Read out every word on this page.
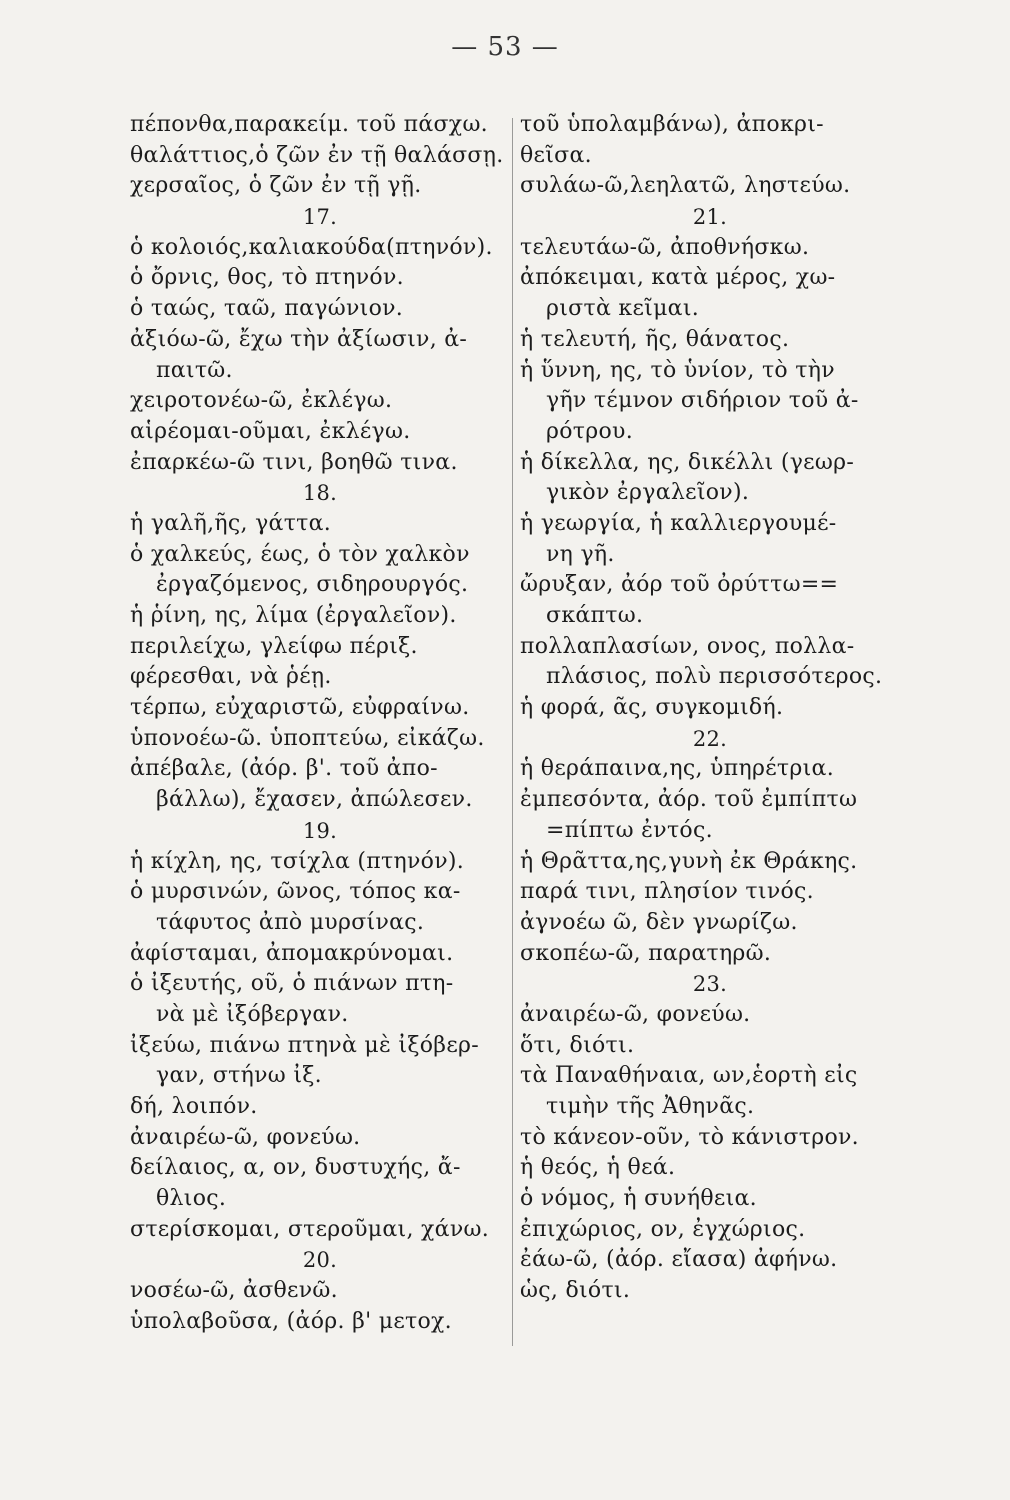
— 53 —
πέπονθα,παρακείμ. τοῦ πάσχω.
θαλάττιος,ὁ ζῶν ἐν τῇ θαλάσσῃ.
χερσαῖος, ὁ ζῶν ἐν τῇ γῇ.
17.
ὁ κολοιός,καλιακούδα(πτηνόν).
ὁ ὄρνις, θος, τὸ πτηνόν.
ὁ ταώς, ταῶ, παγώνιον.
ἀξιόω-ῶ, ἔχω τὴν ἀξίωσιν, ἀ-
παιτῶ.
χειροτονέω-ῶ, ἐκλέγω.
αἱρέομαι-οῦμαι, ἐκλέγω.
ἐπαρκέω-ῶ τινι, βοηθῶ τινα.
18.
ἡ γαλῆ,ῆς, γάττα.
ὁ χαλκεύς, έως, ὁ τὸν χαλκὸν
ἐργαζόμενος, σιδηρουργός.
ἡ ῥίνη, ης, λίμα (ἐργαλεῖον).
περιλείχω, γλείφω πέριξ.
φέρεσθαι, νὰ ῥέῃ.
τέρπω, εὐχαριστῶ, εὐφραίνω.
ὑπονοέω-ῶ. ὑποπτεύω, εἰκάζω.
ἀπέβαλε, (ἀόρ. β'. τοῦ ἀπο-
βάλλω), ἔχασεν, ἀπώλεσεν.
19.
ἡ κίχλη, ης, τσίχλα (πτηνόν).
ὁ μυρσινών, ῶνος, τόπος κα-
τάφυτος ἀπὸ μυρσίνας.
ἀφίσταμαι, ἀπομακρύνομαι.
ὁ ἰξευτής, οῦ, ὁ πιάνων πτη-
νὰ μὲ ἰξόβεργαν.
ἰξεύω, πιάνω πτηνὰ μὲ ἰξόβερ-
γαν, στήνω ἰξ.
δή, λοιπόν.
ἀναιρέω-ῶ, φονεύω.
δείλαιος, α, ον, δυστυχής, ἄ-
θλιος.
στερίσκομαι, στεροῦμαι, χάνω.
20.
νοσέω-ῶ, ἀσθενῶ.
ὑπολαβοῦσα, (ἀόρ. β' μετοχ.
τοῦ ὑπολαμβάνω), ἀποκρι-
θεῖσα.
συλάω-ῶ,λεηλατῶ, ληστεύω.
21.
τελευτάω-ῶ, ἀποθνήσκω.
ἀπόκειμαι, κατὰ μέρος, χω-
ριστὰ κεῖμαι.
ἡ τελευτή, ῆς, θάνατος.
ἡ ὕννη, ης, τὸ ὑνίον, τὸ τὴν
γῆν τέμνον σιδήριον τοῦ ἀ-
ρότρου.
ἡ δίκελλα, ης, δικέλλι (γεωρ-
γικὸν ἐργαλεῖον).
ἡ γεωργία, ἡ καλλιεργουμέ-
νη γῆ.
ὤρυξαν, ἀόρ τοῦ ὀρύττω==
σκάπτω.
πολλαπλασίων, ονος, πολλα-
πλάσιος, πολὺ περισσότερος.
ἡ φορά, ᾶς, συγκομιδή.
22.
ἡ θεράπαινα,ης, ὑπηρέτρια.
ἐμπεσόντα, ἀόρ. τοῦ ἐμπίπτω
=πίπτω ἐντός.
ἡ Θρᾶττα,ης,γυνὴ ἐκ Θράκης.
παρά τινι, πλησίον τινός.
ἀγνοέω ῶ, δὲν γνωρίζω.
σκοπέω-ῶ, παρατηρῶ.
23.
ἀναιρέω-ῶ, φονεύω.
ὅτι, διότι.
τὰ Παναθήναια, ων,ἑορτὴ εἰς
τιμὴν τῆς Ἀθηνᾶς.
τὸ κάνεον-οῦν, τὸ κάνιστρον.
ἡ θεός, ἡ θεά.
ὁ νόμος, ἡ συνήθεια.
ἐπιχώριος, ον, ἐγχώριος.
ἐάω-ῶ, (ἀόρ. εἴασα) ἀφήνω.
ὡς, διότι.
